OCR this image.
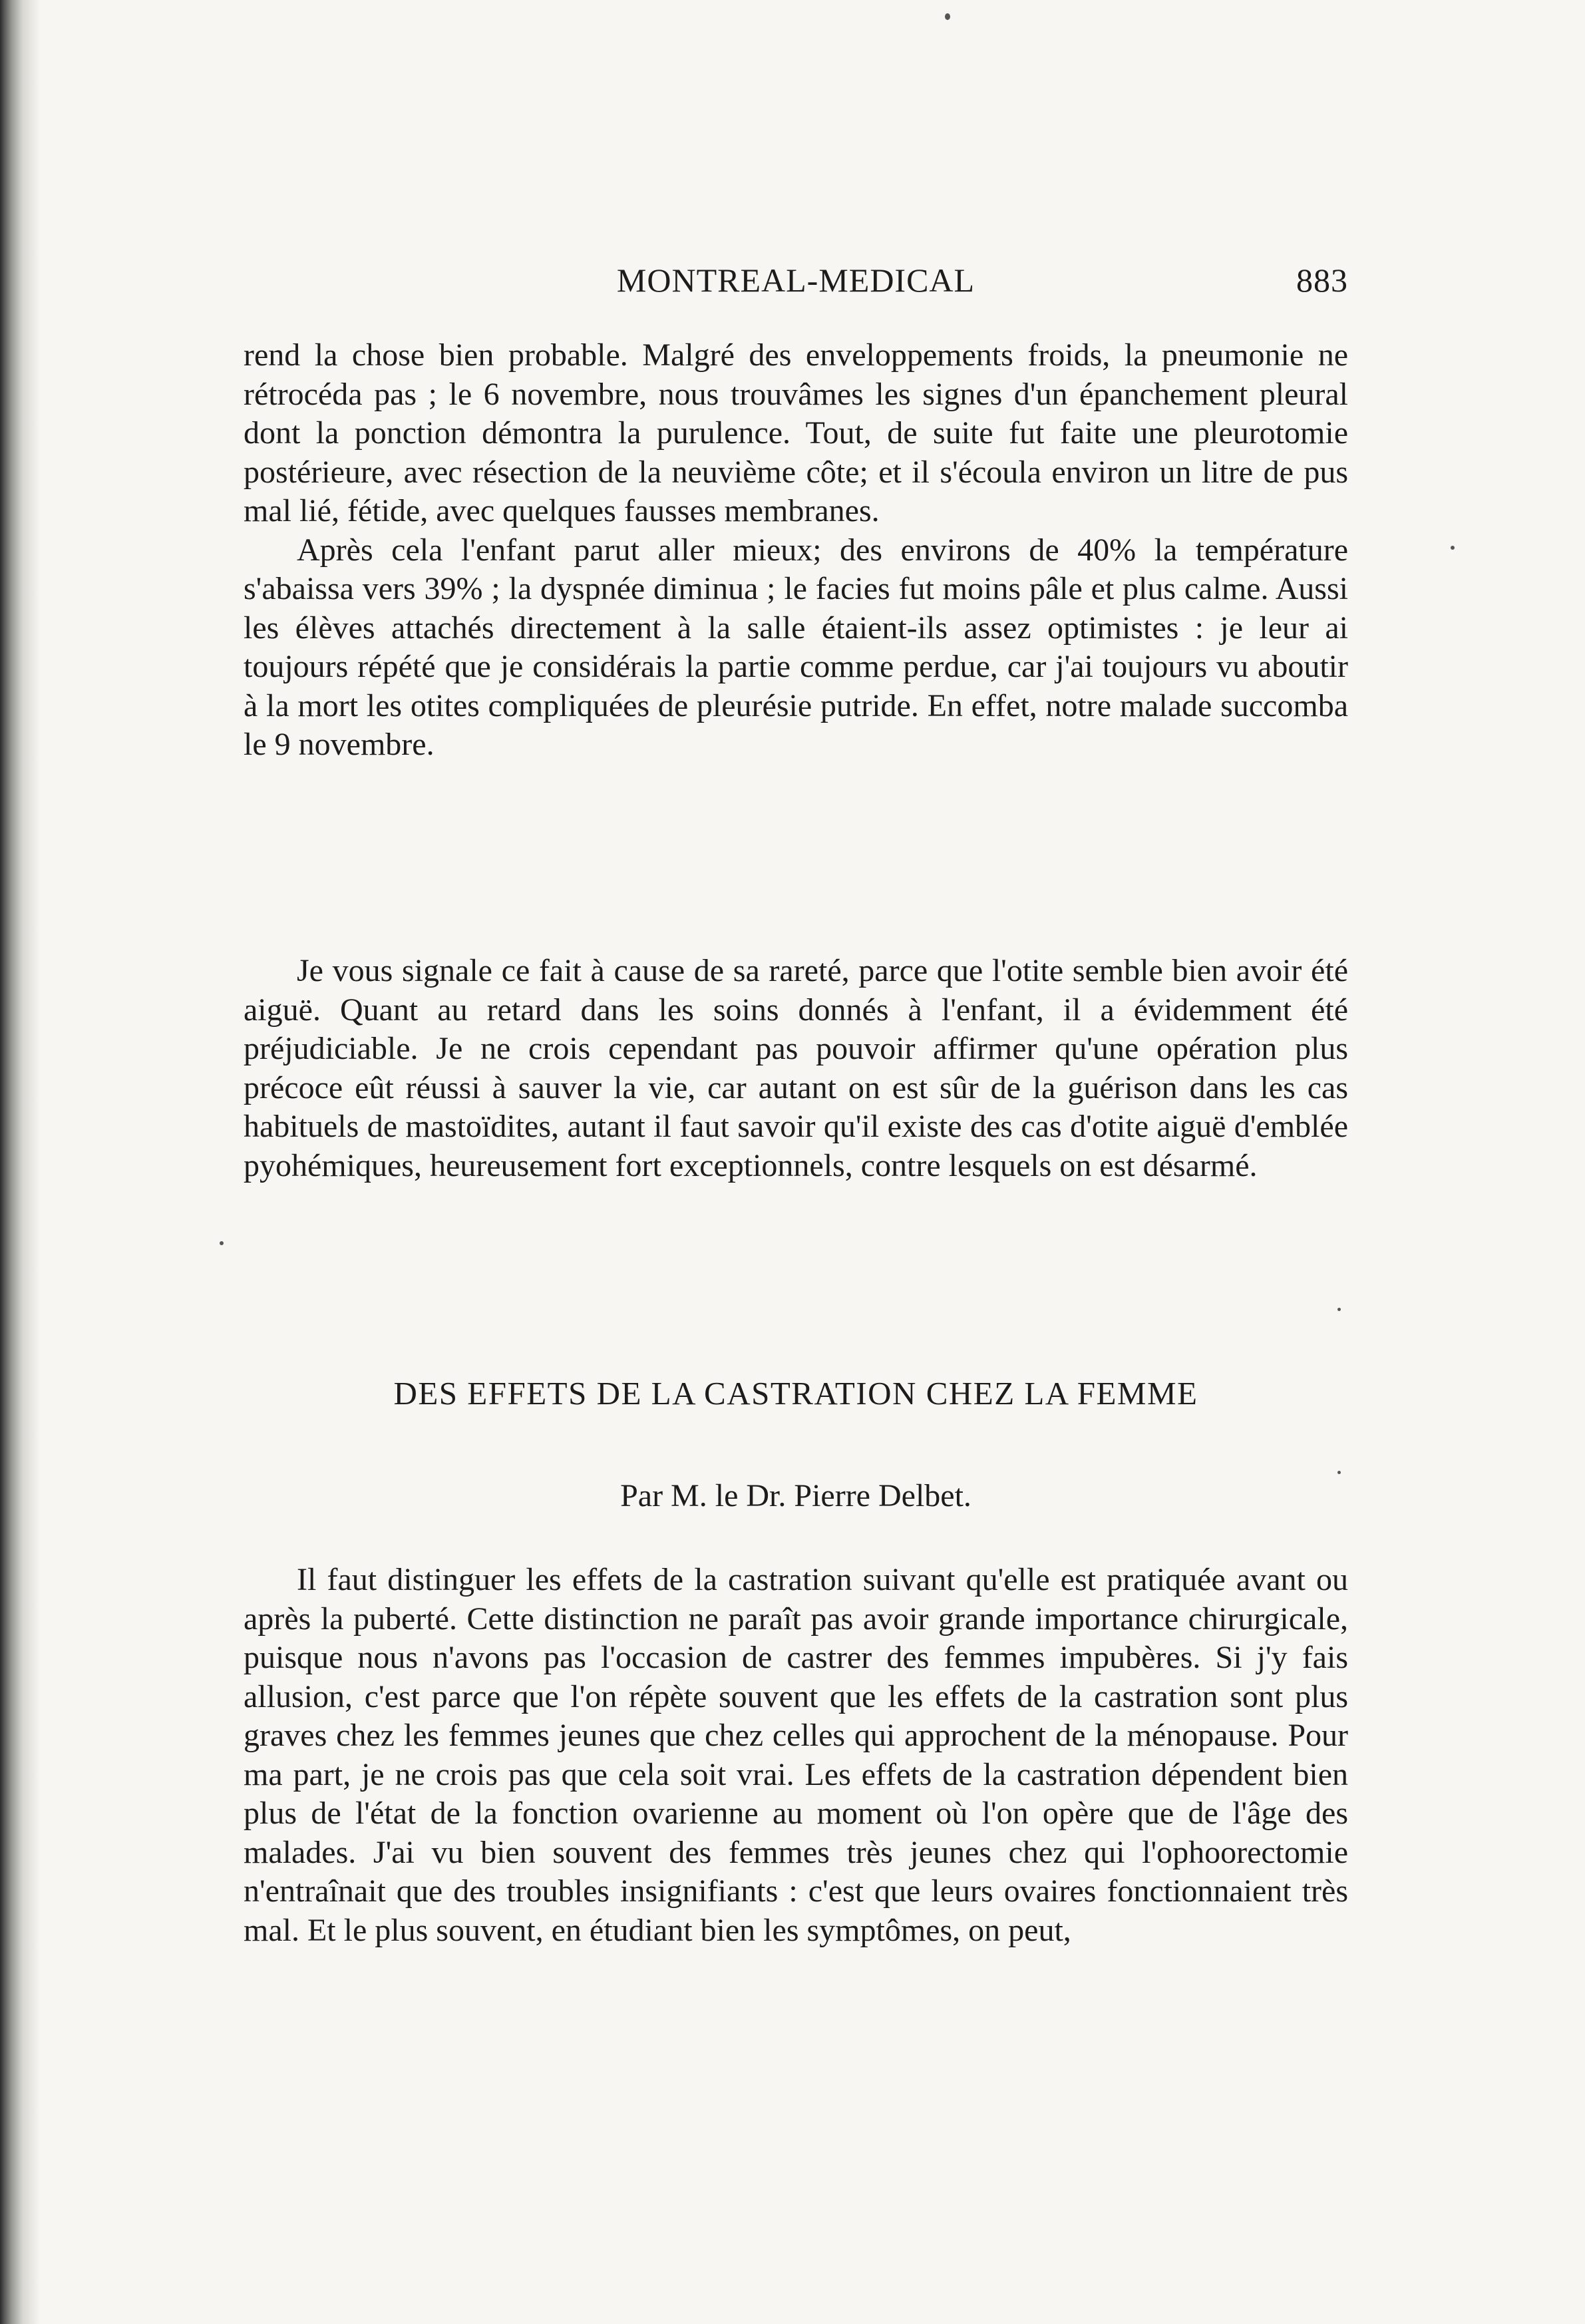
MONTREAL-MEDICAL	883

rend la chose bien probable. Malgré des enveloppements froids, la pneumonie ne rétrocéda pas ; le 6 novembre, nous trouvâmes les signes d'un épanchement pleural dont la ponction démontra la purulence. Tout, de suite fut faite une pleurotomie postérieure, avec résection de la neuvième côte; et il s'écoula environ un litre de pus mal lié, fétide, avec quelques fausses membranes.

Après cela l'enfant parut aller mieux; des environs de 40% la température s'abaissa vers 39% ; la dyspnée diminua ; le facies fut moins pâle et plus calme. Aussi les élèves attachés directement à la salle étaient-ils assez optimistes : je leur ai toujours répété que je considérais la partie comme perdue, car j'ai toujours vu aboutir à la mort les otites compliquées de pleurésie putride. En effet, notre malade succomba le 9 novembre.

Je vous signale ce fait à cause de sa rareté, parce que l'otite semble bien avoir été aiguë. Quant au retard dans les soins donnés à l'enfant, il a évidemment été préjudiciable. Je ne crois cependant pas pouvoir affirmer qu'une opération plus précoce eût réussi à sauver la vie, car autant on est sûr de la guérison dans les cas habituels de mastoïdites, autant il faut savoir qu'il existe des cas d'otite aiguë d'emblée pyohémiques, heureusement fort exceptionnels, contre lesquels on est désarmé.

DES EFFETS DE LA CASTRATION CHEZ LA FEMME
Par M. le Dr. Pierre Delbet.

Il faut distinguer les effets de la castration suivant qu'elle est pratiquée avant ou après la puberté. Cette distinction ne paraît pas avoir grande importance chirurgicale, puisque nous n'avons pas l'occasion de castrer des femmes impubères. Si j'y fais allusion, c'est parce que l'on répète souvent que les effets de la castration sont plus graves chez les femmes jeunes que chez celles qui approchent de la ménopause. Pour ma part, je ne crois pas que cela soit vrai. Les effets de la castration dépendent bien plus de l'état de la fonction ovarienne au moment où l'on opère que de l'âge des malades. J'ai vu bien souvent des femmes très jeunes chez qui l'ophoorectomie n'entraînait que des troubles insignifiants : c'est que leurs ovaires fonctionnaient très mal. Et le plus souvent, en étudiant bien les symptômes, on peut,
